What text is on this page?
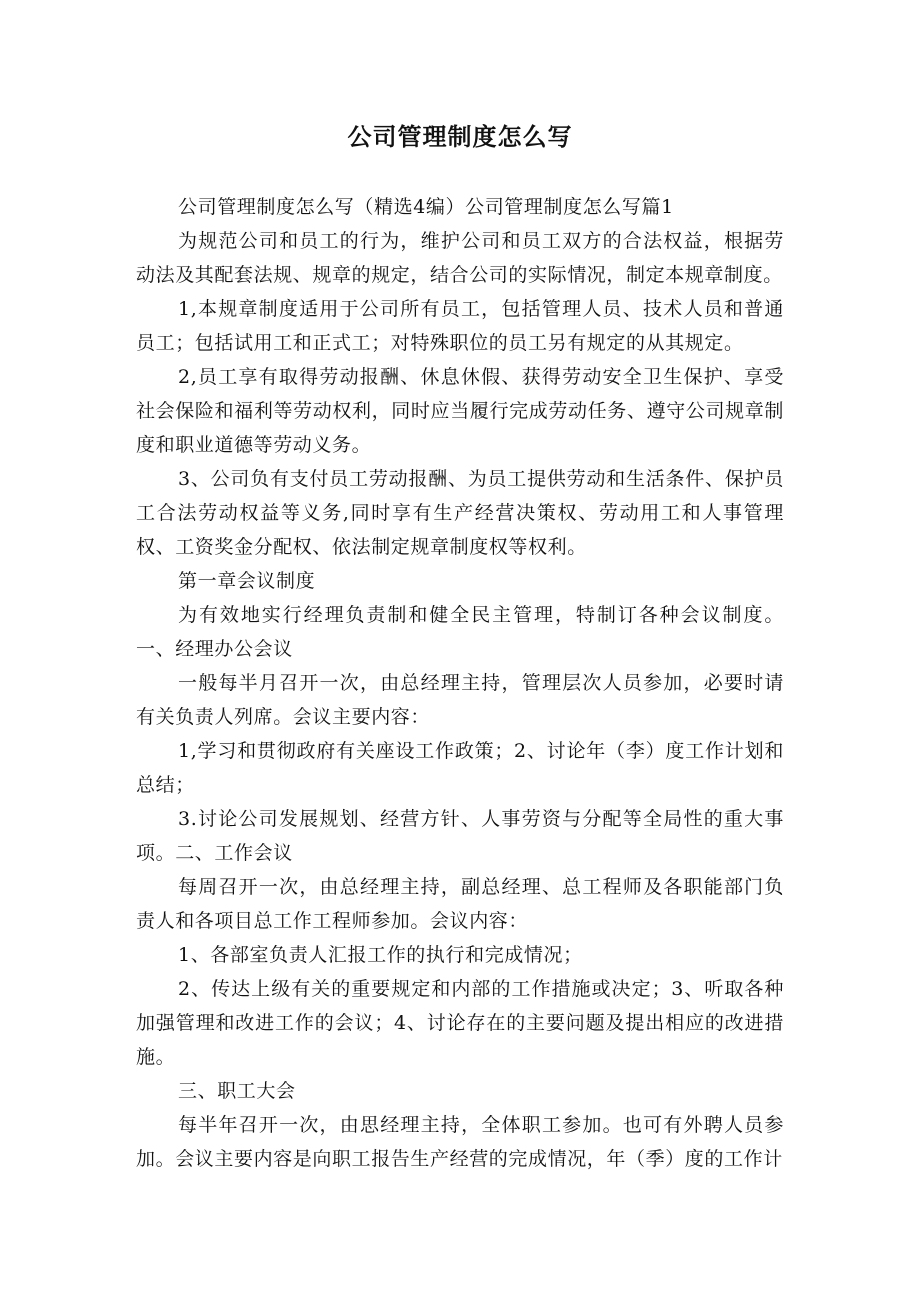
公司管理制度怎么写

公司管理制度怎么写（精选4编）公司管理制度怎么写篇1

为规范公司和员工的行为，维护公司和员工双方的合法权益，根据劳动法及其配套法规、规章的规定，结合公司的实际情况，制定本规章制度。

1,本规章制度适用于公司所有员工，包括管理人员、技术人员和普通员工；包括试用工和正式工；对特殊职位的员工另有规定的从其规定。

2,员工享有取得劳动报酬、休息休假、获得劳动安全卫生保护、享受社会保险和福利等劳动权利，同时应当履行完成劳动任务、遵守公司规章制度和职业道德等劳动义务。

3、公司负有支付员工劳动报酬、为员工提供劳动和生活条件、保护员工合法劳动权益等义务,同时享有生产经营决策权、劳动用工和人事管理权、工资奖金分配权、依法制定规章制度权等权利。

第一章会议制度

为有效地实行经理负责制和健全民主管理，特制订各种会议制度。一、经理办公会议

一般每半月召开一次，由总经理主持，管理层次人员参加，必要时请有关负责人列席。会议主要内容：

1,学习和贯彻政府有关座设工作政策；2、讨论年（李）度工作计划和总结；

3.讨论公司发展规划、经营方针、人事劳资与分配等全局性的重大事项。二、工作会议

每周召开一次，由总经理主持，副总经理、总工程师及各职能部门负责人和各项目总工作工程师参加。会议内容：

1、各部室负责人汇报工作的执行和完成情况；

2、传达上级有关的重要规定和内部的工作措施或决定；3、听取各种加强管理和改进工作的会议；4、讨论存在的主要问题及提出相应的改进措施。

三、职工大会

每半年召开一次，由思经理主持，全体职工参加。也可有外聘人员参加。会议主要内容是向职工报告生产经营的完成情况，年（季）度的工作计
